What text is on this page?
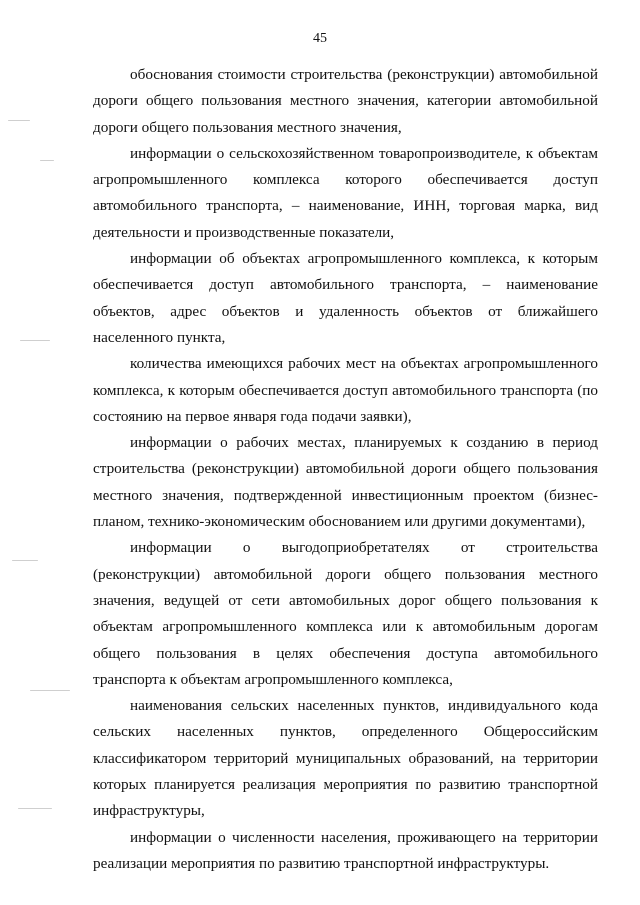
45

обоснования стоимости строительства (реконструкции) автомобильной дороги общего пользования местного значения, категории автомобильной дороги общего пользования местного значения,

информации о сельскохозяйственном товаропроизводителе, к объектам агропромышленного комплекса которого обеспечивается доступ автомобильного транспорта, – наименование, ИНН, торговая марка, вид деятельности и производственные показатели,

информации об объектах агропромышленного комплекса, к которым обеспечивается доступ автомобильного транспорта, – наименование объектов, адрес объектов и удаленность объектов от ближайшего населенного пункта,

количества имеющихся рабочих мест на объектах агропромышленного комплекса, к которым обеспечивается доступ автомобильного транспорта (по состоянию на первое января года подачи заявки),

информации о рабочих местах, планируемых к созданию в период строительства (реконструкции) автомобильной дороги общего пользования местного значения, подтвержденной инвестиционным проектом (бизнес-планом, технико-экономическим обоснованием или другими документами),

информации о выгодоприобретателях от строительства (реконструкции) автомобильной дороги общего пользования местного значения, ведущей от сети автомобильных дорог общего пользования к объектам агропромышленного комплекса или к автомобильным дорогам общего пользования в целях обеспечения доступа автомобильного транспорта к объектам агропромышленного комплекса,

наименования сельских населенных пунктов, индивидуального кода сельских населенных пунктов, определенного Общероссийским классификатором территорий муниципальных образований, на территории которых планируется реализация мероприятия по развитию транспортной инфраструктуры,

информации о численности населения, проживающего на территории реализации мероприятия по развитию транспортной инфраструктуры.
